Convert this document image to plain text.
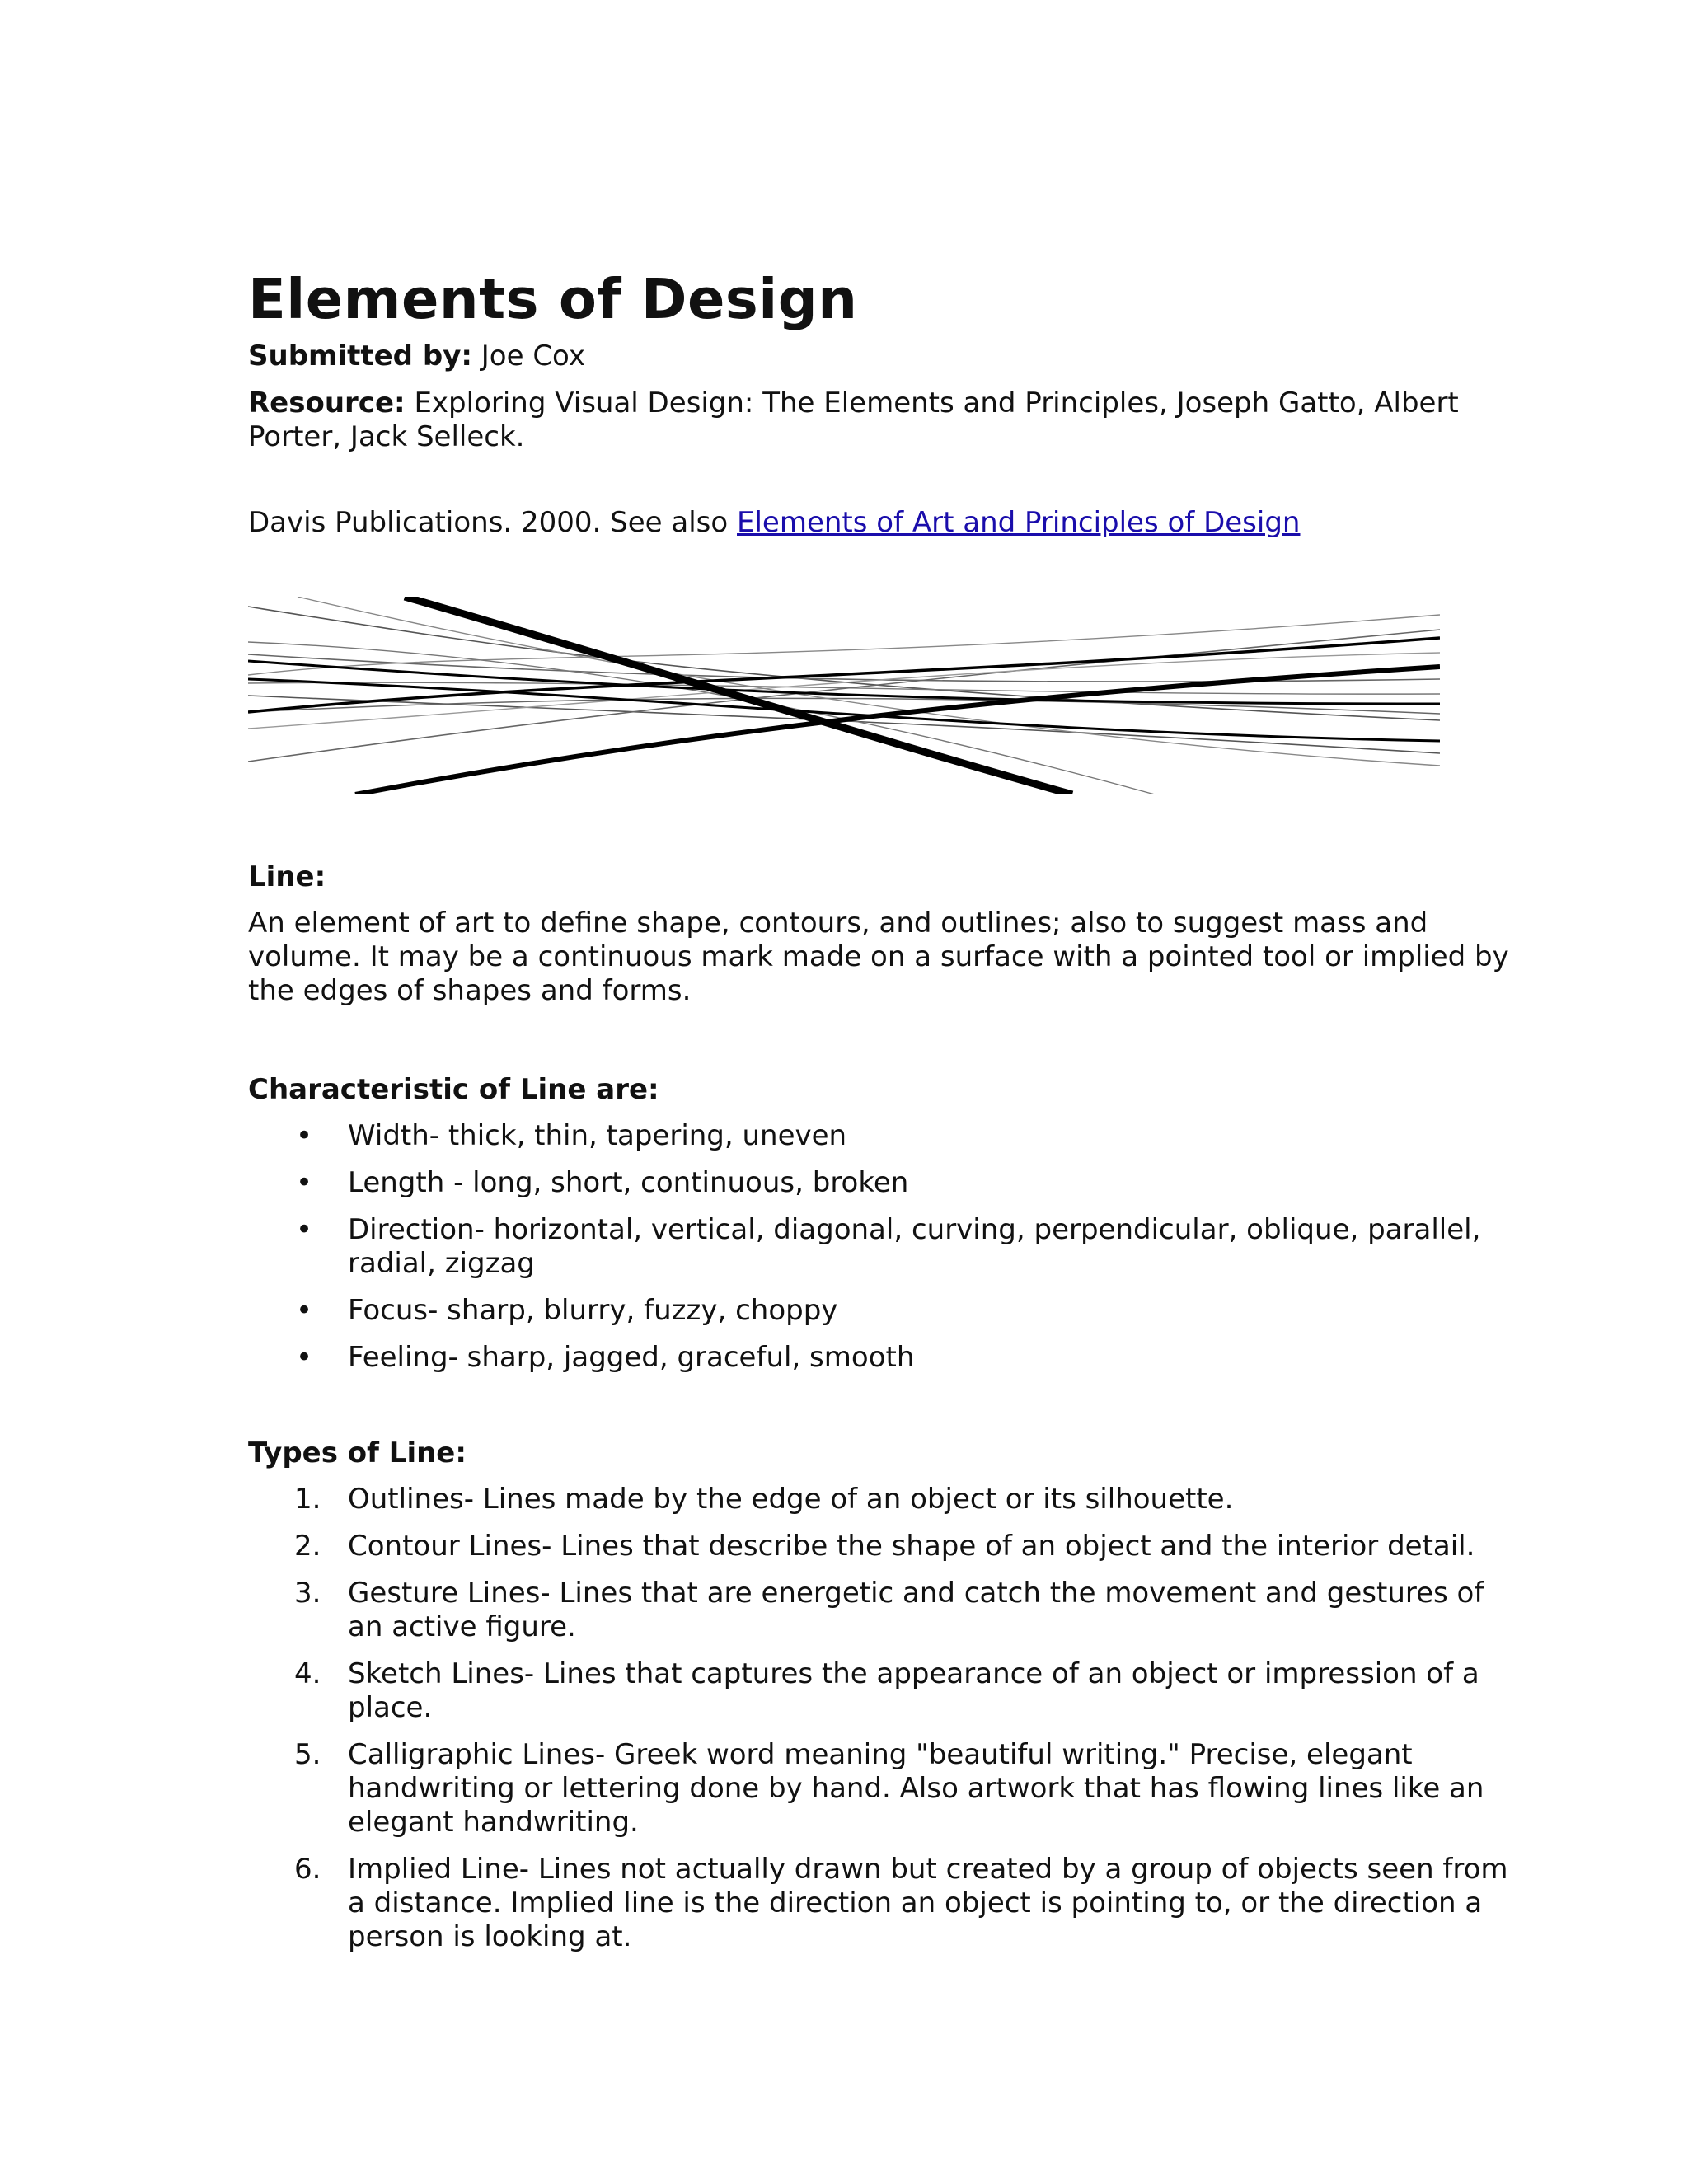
Elements of Design

Submitted by: Joe Cox

Resource: Exploring Visual Design: The Elements and Principles, Joseph Gatto, Albert Porter, Jack Selleck.

Davis Publications. 2000. See also Elements of Art and Principles of Design

Line:

An element of art to define shape, contours, and outlines; also to suggest mass and volume. It may be a continuous mark made on a surface with a pointed tool or implied by the edges of shapes and forms.

Characteristic of Line are:

•	Width- thick, thin, tapering, uneven
•	Length - long, short, continuous, broken
•	Direction- horizontal, vertical, diagonal, curving, perpendicular, oblique, parallel, radial, zigzag
•	Focus- sharp, blurry, fuzzy, choppy
•	Feeling- sharp, jagged, graceful, smooth

Types of Line:

1. Outlines- Lines made by the edge of an object or its silhouette.
2. Contour Lines- Lines that describe the shape of an object and the interior detail.
3. Gesture Lines- Lines that are energetic and catch the movement and gestures of an active figure.
4. Sketch Lines- Lines that captures the appearance of an object or impression of a place.
5. Calligraphic Lines- Greek word meaning "beautiful writing." Precise, elegant handwriting or lettering done by hand. Also artwork that has flowing lines like an elegant handwriting.
6. Implied Line- Lines not actually drawn but created by a group of objects seen from a distance. Implied line is the direction an object is pointing to, or the direction a person is looking at.
